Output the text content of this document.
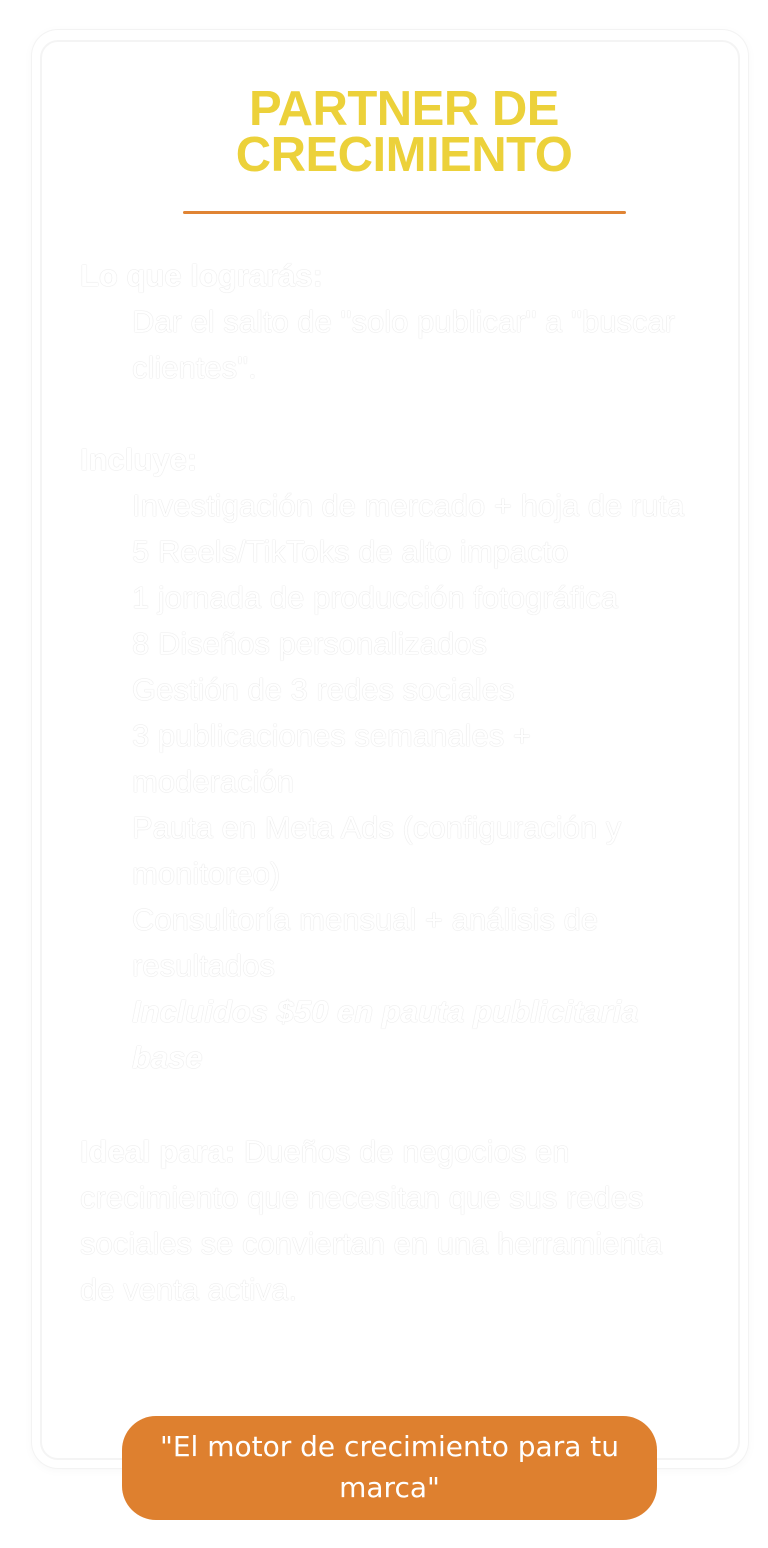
PARTNER DE
CRECIMIENTO

Lo que lograrás:

• Dar el salto de "solo publicar" a "buscar clientes".

Incluye:

• Investigación de mercado + hoja de ruta
• 5 Reels/TikToks de alto impacto
• 1 jornada de producción fotográfica
• 8 Diseños personalizados
• Gestión de 3 redes sociales
• 3 publicaciones semanales + moderación
• Pauta en Meta Ads (configuración y monitoreo)
• Consultoría mensual + análisis de resultados
• Incluidos $50 en pauta publicitaria base

Ideal para: Dueños de negocios en crecimiento que necesitan que sus redes sociales se conviertan en una herramienta de venta activa.

"El motor de crecimiento para tu marca"
